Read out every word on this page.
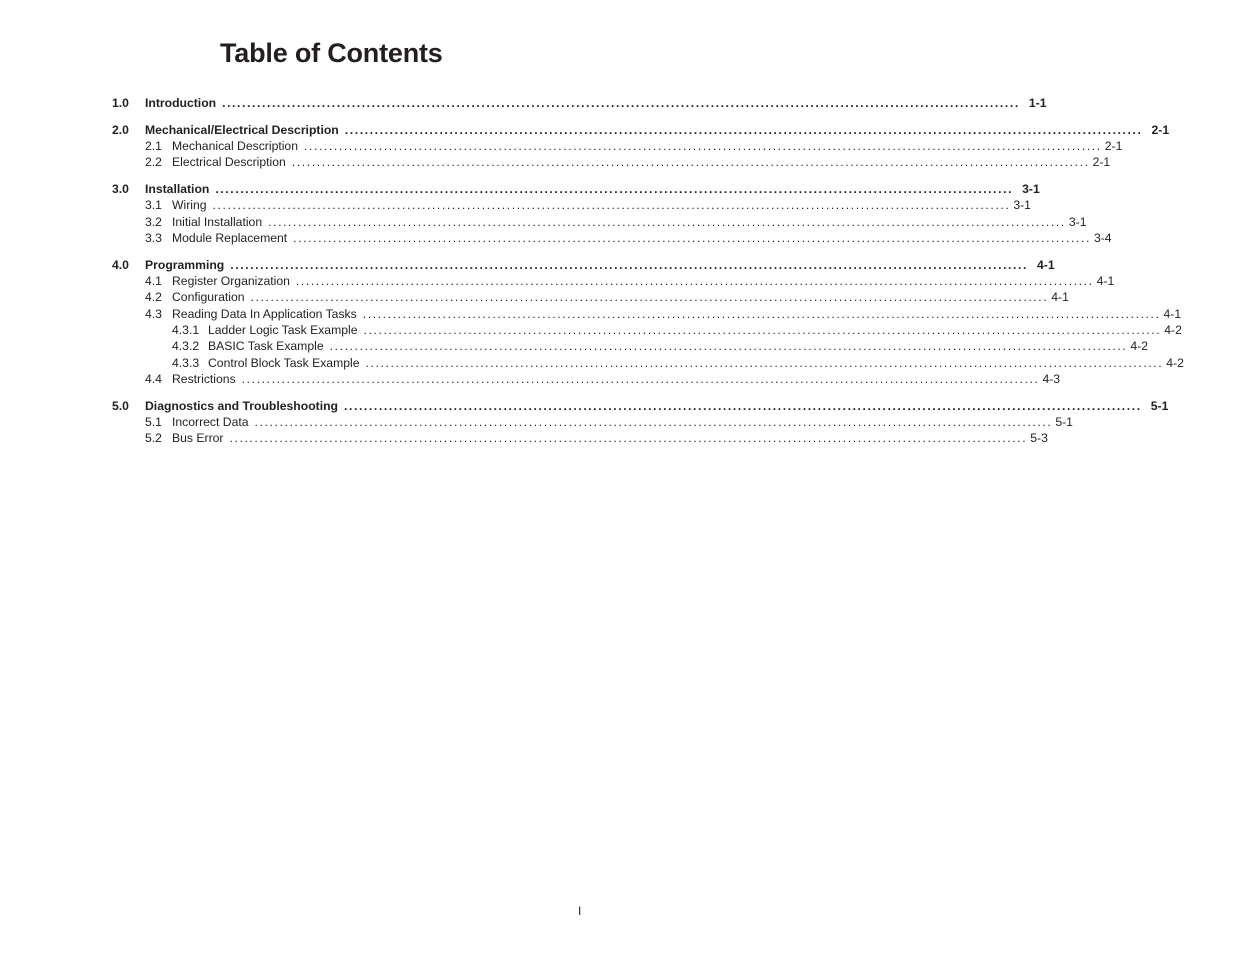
Table of Contents
1.0 Introduction ................................................................................................................................................................ 1-1
2.0 Mechanical/Electrical Description ................................................................................................................................................................ 2-1
2.1 Mechanical Description ................................................................................................................................................................ 2-1
2.2 Electrical Description ................................................................................................................................................................ 2-1
3.0 Installation ................................................................................................................................................................ 3-1
3.1 Wiring ................................................................................................................................................................ 3-1
3.2 Initial Installation ................................................................................................................................................................ 3-1
3.3 Module Replacement ................................................................................................................................................................ 3-4
4.0 Programming ................................................................................................................................................................ 4-1
4.1 Register Organization ................................................................................................................................................................ 4-1
4.2 Configuration ................................................................................................................................................................ 4-1
4.3 Reading Data In Application Tasks ................................................................................................................................................................ 4-1
4.3.1 Ladder Logic Task Example ................................................................................................................................................................ 4-2
4.3.2 BASIC Task Example ................................................................................................................................................................ 4-2
4.3.3 Control Block Task Example ................................................................................................................................................................ 4-2
4.4 Restrictions ................................................................................................................................................................ 4-3
5.0 Diagnostics and Troubleshooting ................................................................................................................................................................ 5-1
5.1 Incorrect Data ................................................................................................................................................................ 5-1
5.2 Bus Error ................................................................................................................................................................ 5-3
I
